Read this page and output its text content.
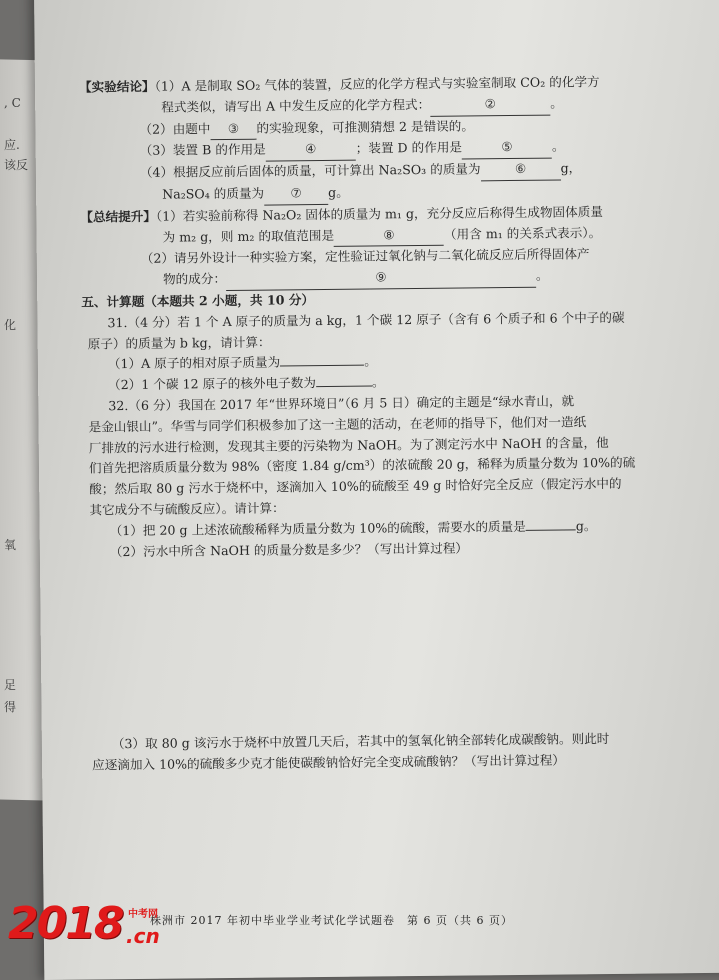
, C
应.
该反
化
氧
足
得
【实验结论】（1）A 是制取 SO₂ 气体的装置，反应的化学方程式与实验室制取 CO₂ 的化学方
程式类似，请写出 A 中发生反应的化学方程式：	②	。
（2）由题中 ③ 的实验现象，可推测猜想 2 是错误的。
（3）装置 B 的作用是	④	；装置 D 的作用是	⑤	。
（4）根据反应前后固体的质量，可计算出 Na₂SO₃ 的质量为	⑥	g，
Na₂SO₄ 的质量为 ⑦ g。
【总结提升】（1）若实验前称得 Na₂O₂ 固体的质量为 m₁ g，充分反应后称得生成物固体质量
为 m₂ g，则 m₂ 的取值范围是	⑧	（用含 m₁ 的关系式表示）。
（2）请另外设计一种实验方案，定性验证过氧化钠与二氧化硫反应后所得固体产
物的成分：	⑨	。
五、计算题（本题共 2 小题，共 10 分）
31.（4 分）若 1 个 A 原子的质量为 a kg，1 个碳 12 原子（含有 6 个质子和 6 个中子的碳
原子）的质量为 b kg，请计算：
（1）A 原子的相对原子质量为	。
（2）1 个碳 12 原子的核外电子数为	。
32.（6 分）我国在 2017 年“世界环境日”（6 月 5 日）确定的主题是“绿水青山，就
是金山银山”。华雪与同学们积极参加了这一主题的活动，在老师的指导下，他们对一造纸
厂排放的污水进行检测，发现其主要的污染物为 NaOH。为了测定污水中 NaOH 的含量，他
们首先把溶质质量分数为 98%（密度 1.84 g/cm³）的浓硫酸 20 g，稀释为质量分数为 10%的硫
酸；然后取 80 g 污水于烧杯中，逐滴加入 10%的硫酸至 49 g 时恰好完全反应（假定污水中的
其它成分不与硫酸反应）。请计算：
（1）把 20 g 上述浓硫酸稀释为质量分数为 10%的硫酸，需要水的质量是	g。
（2）污水中所含 NaOH 的质量分数是多少？（写出计算过程）
（3）取 80 g 该污水于烧杯中放置几天后，若其中的氢氧化钠全部转化成碳酸钠。则此时
应逐滴加入 10%的硫酸多少克才能使碳酸钠恰好完全变成硫酸钠？（写出计算过程）
株洲市 2017 年初中毕业学业考试化学试题卷　第 6 页（共 6 页）
2018 中考网
.cn
